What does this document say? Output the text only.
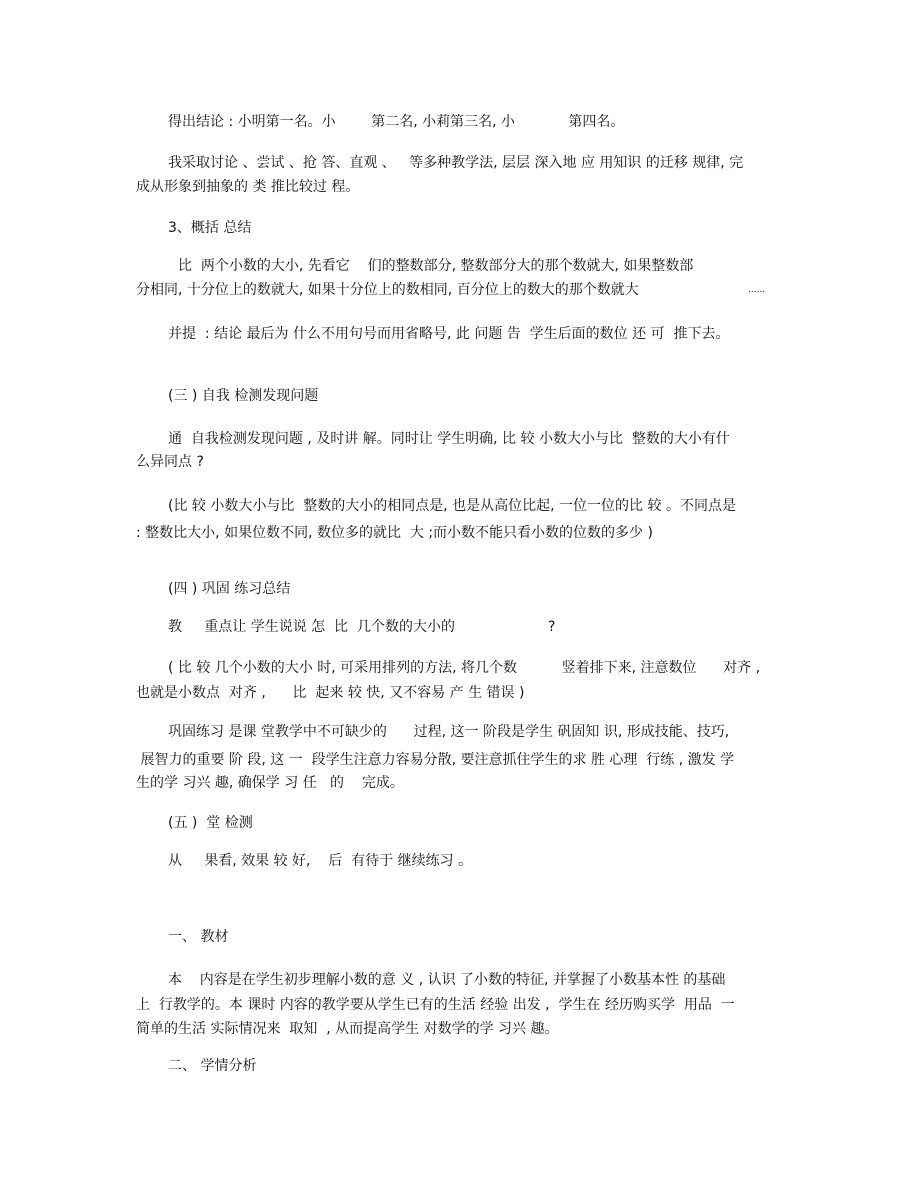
得出结论 : 小明第一名。小        第二名, 小莉第三名, 小            第四名。
我采取讨论 、尝试 、抢 答、直观 、   等多种教学法, 层层 深入地 应 用知识 的迁移 规律, 完
成从形象到抽象的 类 推比较过 程。
3、概括 总结
比  两个小数的大小, 先看它    们的整数部分, 整数部分大的那个数就大, 如果整数部
分相同, 十分位上的数就大, 如果十分位上的数相同, 百分位上的数大的那个数就大	......
并提  : 结论 最后为 什么不用句号而用省略号, 此 问题 告  学生后面的数位 还 可  推下去。
(三 ) 自我 检测发现问题
通  自我检测发现问题 , 及时讲 解。同时让 学生明确, 比 较 小数大小与比  整数的大小有什
么异同点 ?
(比 较 小数大小与比  整数的大小的相同点是, 也是从高位比起, 一位一位的比 较 。不同点是
: 整数比大小, 如果位数不同, 数位多的就比  大 ;而小数不能只看小数的位数的多少 )
(四 ) 巩固 练习总结
教     重点让 学生说说 怎  比  几个数的大小的	?
( 比 较 几个小数的大小 时, 可采用排列的方法, 将几个数          竖着排下来, 注意数位      对齐 ,
也就是小数点  对齐 ,      比  起来 较 快, 又不容易 产 生 错误 )
巩固练习 是课 堂教学中不可缺少的      过程, 这一 阶段是学生 矾固知 识, 形成技能、技巧,
展智力的重要 阶 段, 这 一  段学生注意力容易分散, 要注意抓住学生的求 胜 心理  行练 , 激发 学
生的学 习兴 趣, 确保学 习 任   的    完成。
(五 )  堂 检测
从     果看, 效果 较 好,    后  有待于 继续练习 。
一、 教材
本    内容是在学生初步理解小数的意 义 , 认识 了小数的特征, 并掌握了小数基本性 的基础
上  行教学的。本 课时 内容的教学要从学生已有的生活 经验 出发 ,  学生在 经历购买学  用品  一
简单的生活 实际情况来  取知  , 从而提高学生 对数学的学 习兴 趣。
二、 学情分析
